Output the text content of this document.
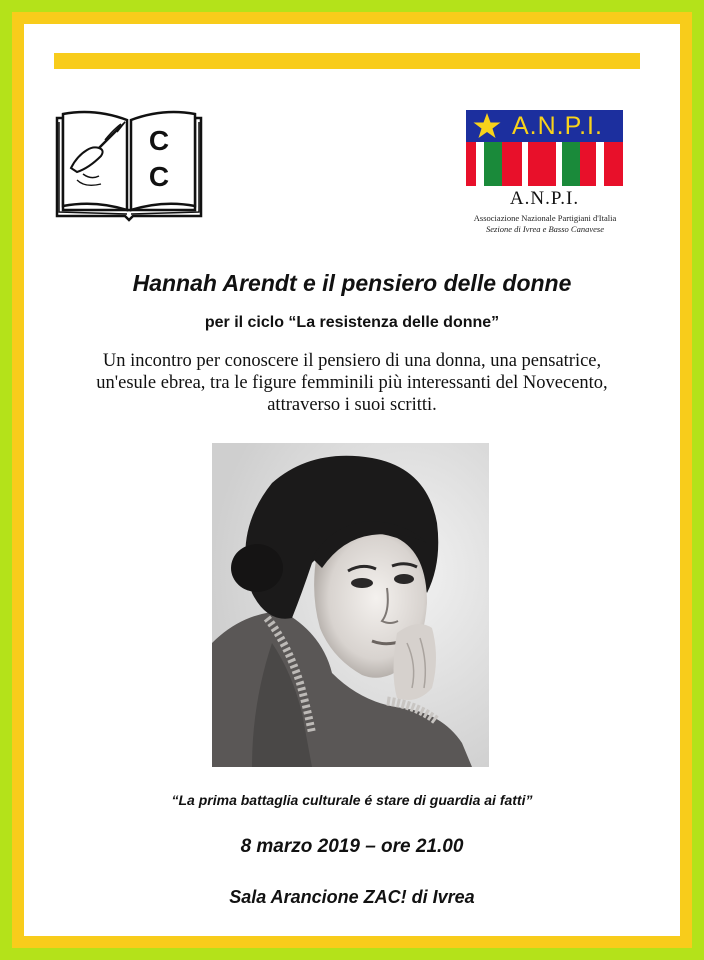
C
C
A.N.P.I.
A.N.P.I.
Associazione Nazionale Partigiani d'Italia
Sezione di Ivrea e Basso Canavese
Hannah Arendt e il pensiero delle donne
per il ciclo “La resistenza delle donne”
Un incontro per conoscere il pensiero di una donna, una pensatrice,
un'esule ebrea, tra le figure femminili più interessanti del Novecento,
attraverso i suoi scritti.
“La prima battaglia culturale é stare di guardia ai fatti”
8 marzo 2019 – ore 21.00
Sala Arancione ZAC! di Ivrea
